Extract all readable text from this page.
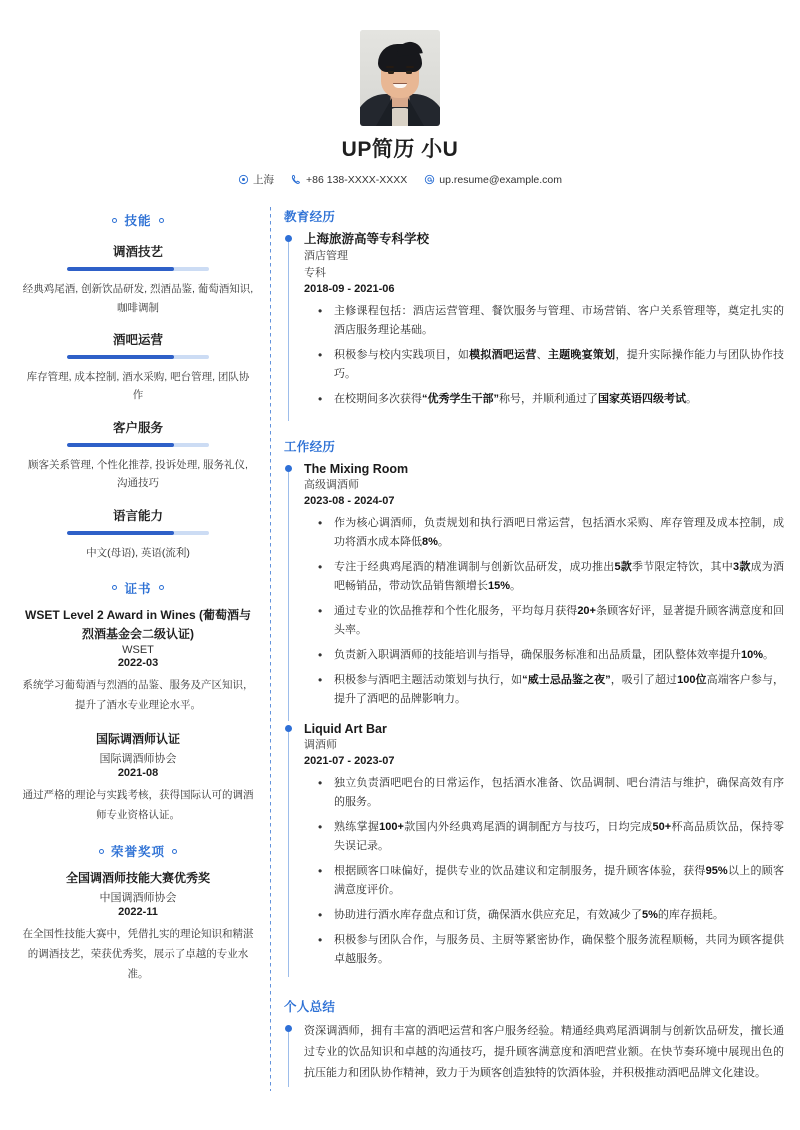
UP简历 小U
上海	+86 138-XXXX-XXXX	up.resume@example.com
技能
调酒技艺
经典鸡尾酒, 创新饮品研发, 烈酒品鉴, 葡萄酒知识, 咖啡调制
酒吧运营
库存管理, 成本控制, 酒水采购, 吧台管理, 团队协作
客户服务
顾客关系管理, 个性化推荐, 投诉处理, 服务礼仪, 沟通技巧
语言能力
中文(母语), 英语(流利)
证书
WSET Level 2 Award in Wines (葡萄酒与烈酒基金会二级认证)
WSET
2022-03
系统学习葡萄酒与烈酒的品鉴、服务及产区知识，提升了酒水专业理论水平。
国际调酒师认证
国际调酒师协会
2021-08
通过严格的理论与实践考核，获得国际认可的调酒师专业资格认证。
荣誉奖项
全国调酒师技能大赛优秀奖
中国调酒师协会
2022-11
在全国性技能大赛中，凭借扎实的理论知识和精湛的调酒技艺，荣获优秀奖，展示了卓越的专业水准。
教育经历
上海旅游高等专科学校
酒店管理
专科
2018-09 - 2021-06
• 主修课程包括：酒店运营管理、餐饮服务与管理、市场营销、客户关系管理等，奠定扎实的酒店服务理论基础。
• 积极参与校内实践项目，如模拟酒吧运营、主题晚宴策划，提升实际操作能力与团队协作技巧。
• 在校期间多次获得“优秀学生干部”称号，并顺利通过了国家英语四级考试。
工作经历
The Mixing Room
高级调酒师
2023-08 - 2024-07
• 作为核心调酒师，负责规划和执行酒吧日常运营，包括酒水采购、库存管理及成本控制，成功将酒水成本降低8%。
• 专注于经典鸡尾酒的精准调制与创新饮品研发，成功推出5款季节限定特饮，其中3款成为酒吧畅销品，带动饮品销售额增长15%。
• 通过专业的饮品推荐和个性化服务，平均每月获得20+条顾客好评，显著提升顾客满意度和回头率。
• 负责新入职调酒师的技能培训与指导，确保服务标准和出品质量，团队整体效率提升10%。
• 积极参与酒吧主题活动策划与执行，如“威士忌品鉴之夜”，吸引了超过100位高端客户参与，提升了酒吧的品牌影响力。
Liquid Art Bar
调酒师
2021-07 - 2023-07
• 独立负责酒吧吧台的日常运作，包括酒水准备、饮品调制、吧台清洁与维护，确保高效有序的服务。
• 熟练掌握100+款国内外经典鸡尾酒的调制配方与技巧，日均完成50+杯高品质饮品，保持零失误记录。
• 根据顾客口味偏好，提供专业的饮品建议和定制服务，提升顾客体验，获得95%以上的顾客满意度评价。
• 协助进行酒水库存盘点和订货，确保酒水供应充足，有效减少了5%的库存损耗。
• 积极参与团队合作，与服务员、主厨等紧密协作，确保整个服务流程顺畅，共同为顾客提供卓越服务。
个人总结
资深调酒师，拥有丰富的酒吧运营和客户服务经验。精通经典鸡尾酒调制与创新饮品研发，擅长通过专业的饮品知识和卓越的沟通技巧，提升顾客满意度和酒吧营业额。在快节奏环境中展现出色的抗压能力和团队协作精神，致力于为顾客创造独特的饮酒体验，并积极推动酒吧品牌文化建设。
